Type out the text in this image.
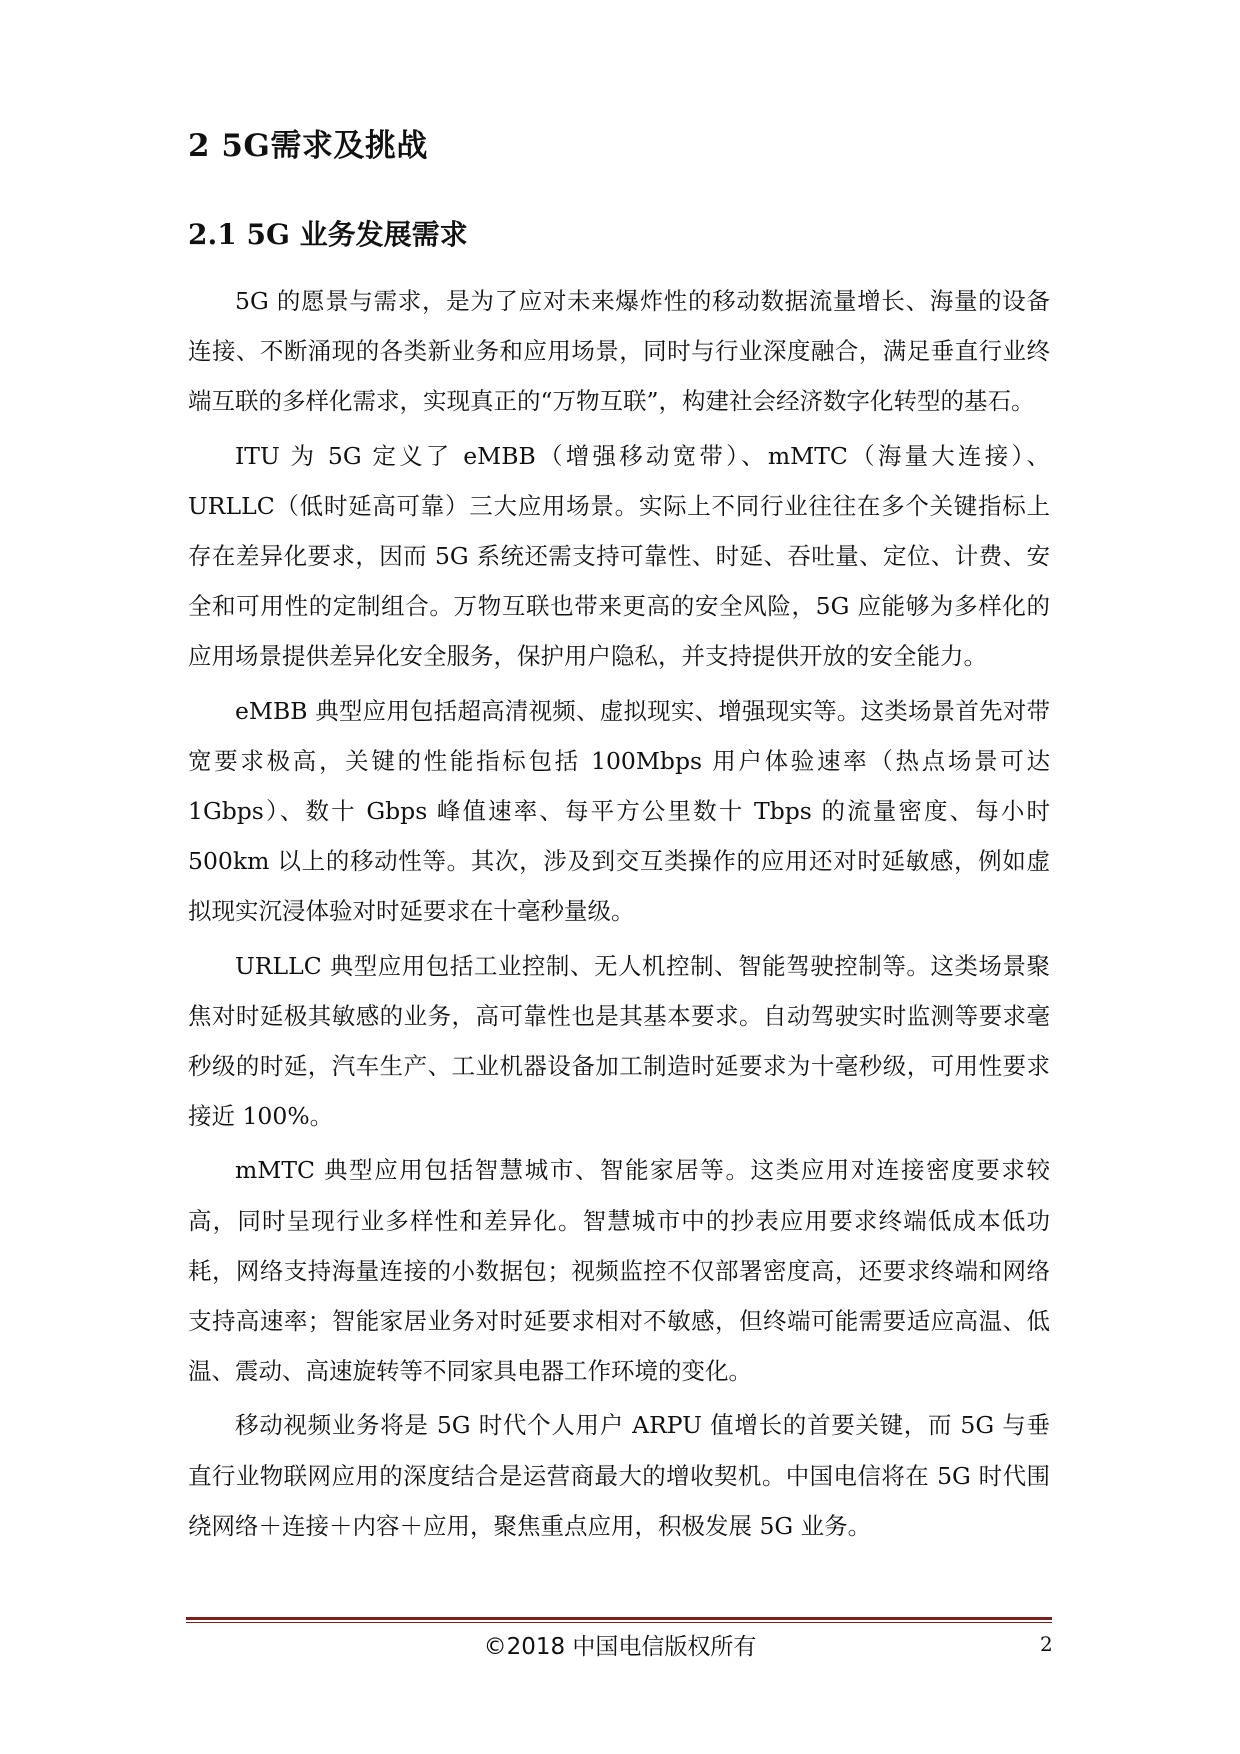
2 5G需求及挑战
2.1 5G 业务发展需求

5G 的愿景与需求，是为了应对未来爆炸性的移动数据流量增长、海量的设备连接、不断涌现的各类新业务和应用场景，同时与行业深度融合，满足垂直行业终端互联的多样化需求，实现真正的“万物互联”，构建社会经济数字化转型的基石。

ITU 为 5G 定义了 eMBB（增强移动宽带）、mMTC（海量大连接）、URLLC（低时延高可靠）三大应用场景。实际上不同行业往往在多个关键指标上存在差异化要求，因而 5G 系统还需支持可靠性、时延、吞吐量、定位、计费、安全和可用性的定制组合。万物互联也带来更高的安全风险，5G 应能够为多样化的应用场景提供差异化安全服务，保护用户隐私，并支持提供开放的安全能力。

eMBB 典型应用包括超高清视频、虚拟现实、增强现实等。这类场景首先对带宽要求极高，关键的性能指标包括 100Mbps 用户体验速率（热点场景可达 1Gbps）、数十 Gbps 峰值速率、每平方公里数十 Tbps 的流量密度、每小时 500km 以上的移动性等。其次，涉及到交互类操作的应用还对时延敏感，例如虚拟现实沉浸体验对时延要求在十毫秒量级。

URLLC 典型应用包括工业控制、无人机控制、智能驾驶控制等。这类场景聚焦对时延极其敏感的业务，高可靠性也是其基本要求。自动驾驶实时监测等要求毫秒级的时延，汽车生产、工业机器设备加工制造时延要求为十毫秒级，可用性要求接近 100%。

mMTC 典型应用包括智慧城市、智能家居等。这类应用对连接密度要求较高，同时呈现行业多样性和差异化。智慧城市中的抄表应用要求终端低成本低功耗，网络支持海量连接的小数据包；视频监控不仅部署密度高，还要求终端和网络支持高速率；智能家居业务对时延要求相对不敏感，但终端可能需要适应高温、低温、震动、高速旋转等不同家具电器工作环境的变化。

移动视频业务将是 5G 时代个人用户 ARPU 值增长的首要关键，而 5G 与垂直行业物联网应用的深度结合是运营商最大的增收契机。中国电信将在 5G 时代围绕网络＋连接＋内容＋应用，聚焦重点应用，积极发展 5G 业务。

©2018 中国电信版权所有	2
